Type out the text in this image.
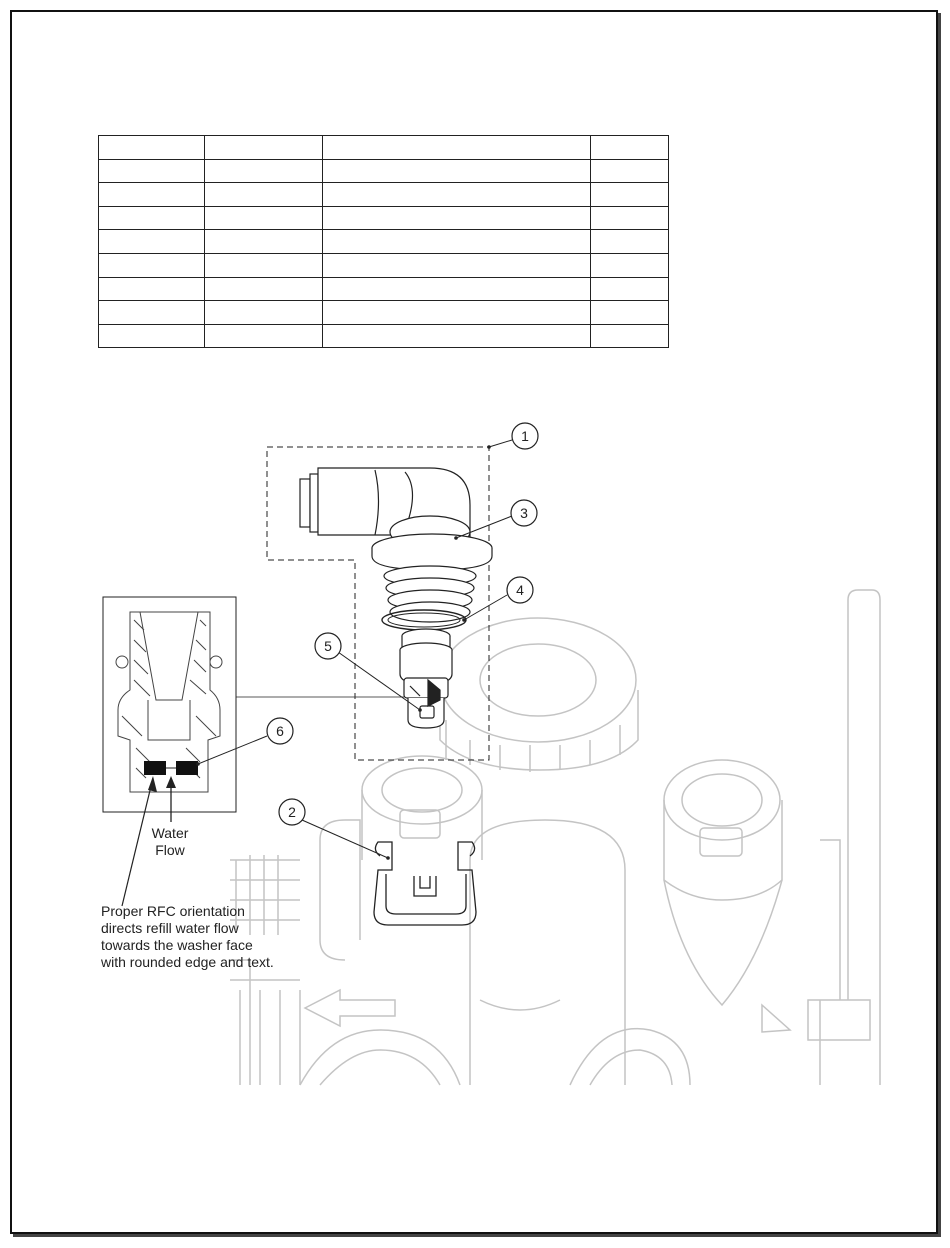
Water
Flow
Proper RFC orientation
directs refill water flow
towards the washer face
with rounded edge and text.
1
3
4
5
6
2
